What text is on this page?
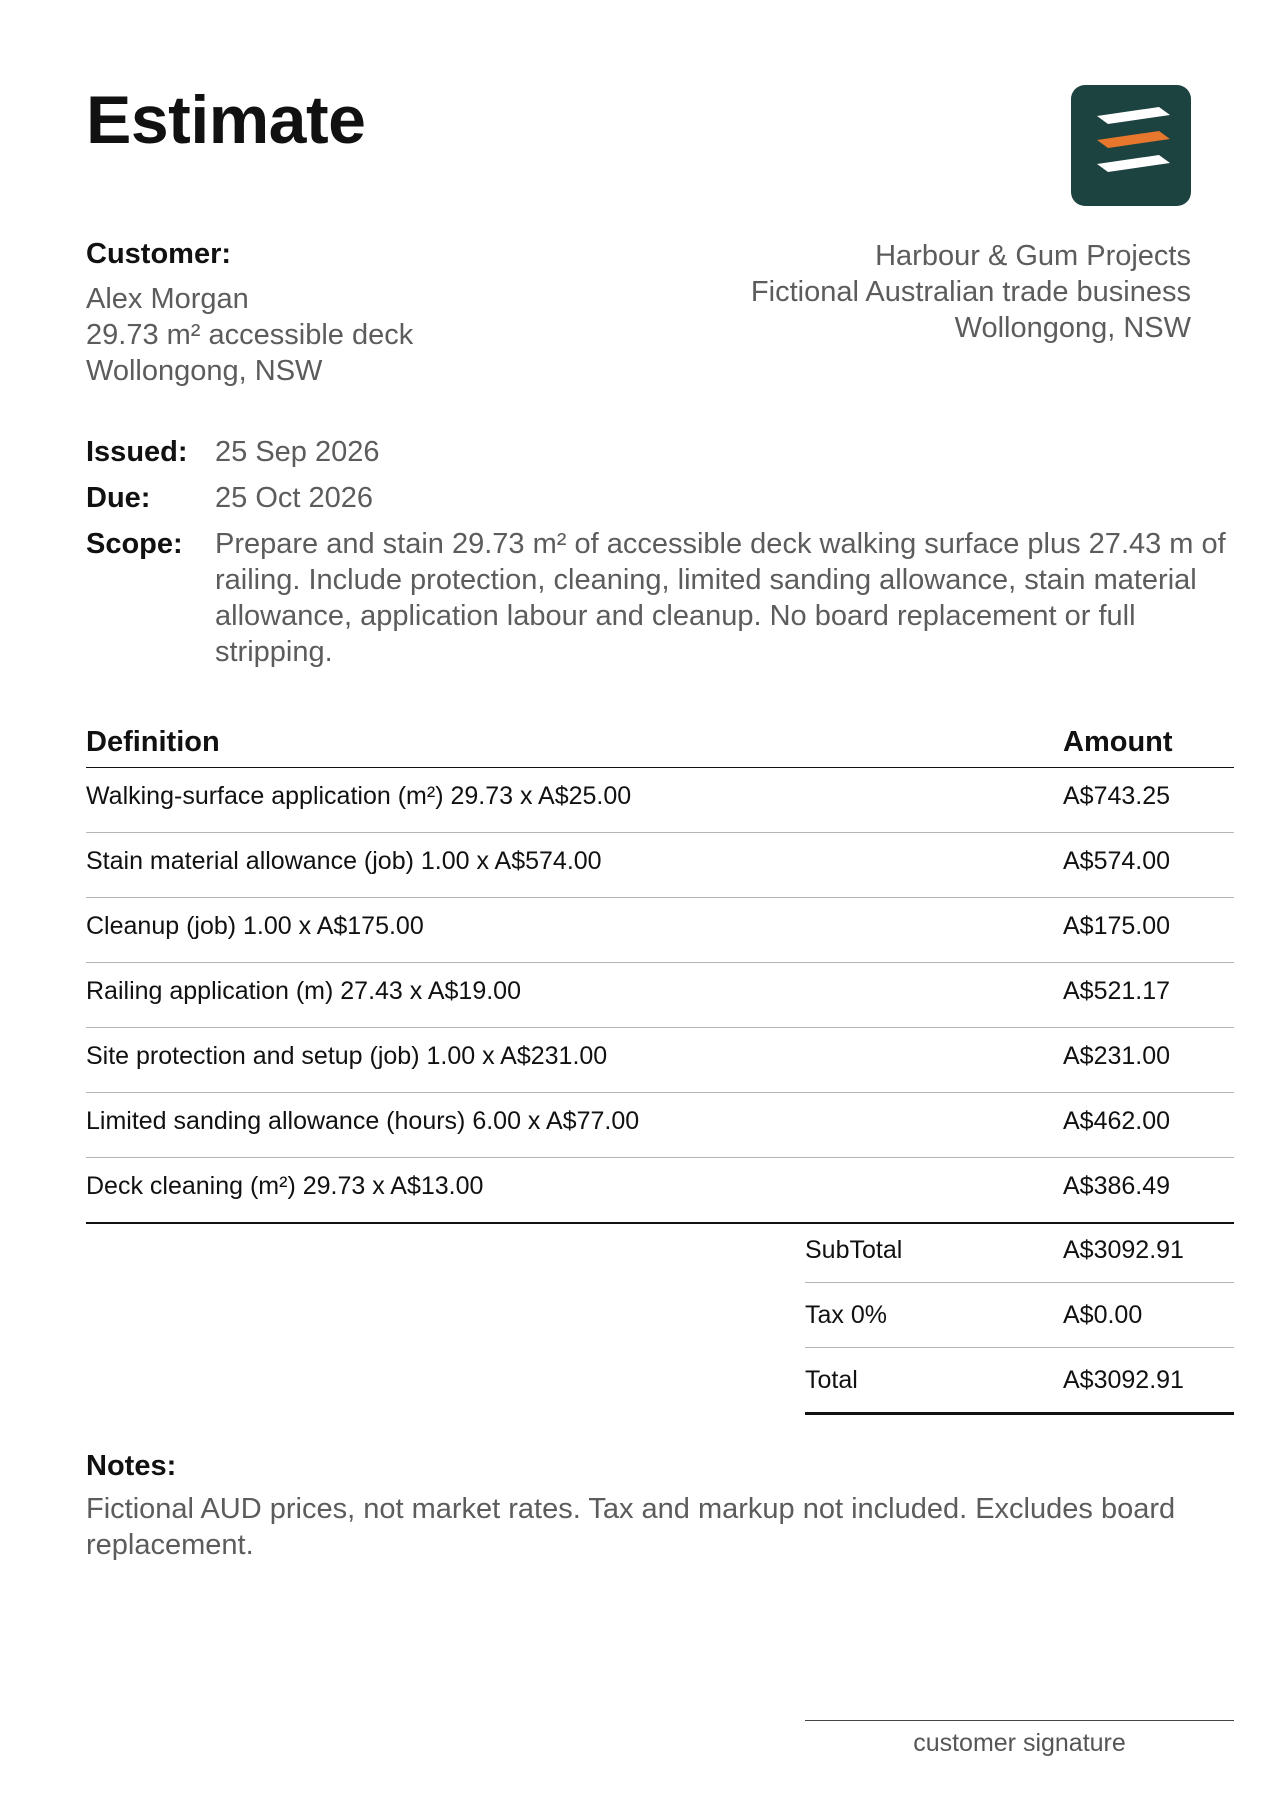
Estimate
Customer:
Alex Morgan
29.73 m² accessible deck
Wollongong, NSW
Harbour & Gum Projects
Fictional Australian trade business
Wollongong, NSW
Issued: 25 Sep 2026
Due:	25 Oct 2026
Scope:	Prepare and stain 29.73 m² of accessible deck walking surface plus 27.43 m of railing. Include protection, cleaning, limited sanding allowance, stain material allowance, application labour and cleanup. No board replacement or full stripping.
Definition	Amount
Walking-surface application (m²) 29.73 x A$25.00	A$743.25
Stain material allowance (job) 1.00 x A$574.00	A$574.00
Cleanup (job) 1.00 x A$175.00	A$175.00
Railing application (m) 27.43 x A$19.00	A$521.17
Site protection and setup (job) 1.00 x A$231.00	A$231.00
Limited sanding allowance (hours) 6.00 x A$77.00	A$462.00
Deck cleaning (m²) 29.73 x A$13.00	A$386.49
SubTotal	A$3092.91
Tax 0%	A$0.00
Total	A$3092.91
Notes:
Fictional AUD prices, not market rates. Tax and markup not included. Excludes board replacement.
customer signature
